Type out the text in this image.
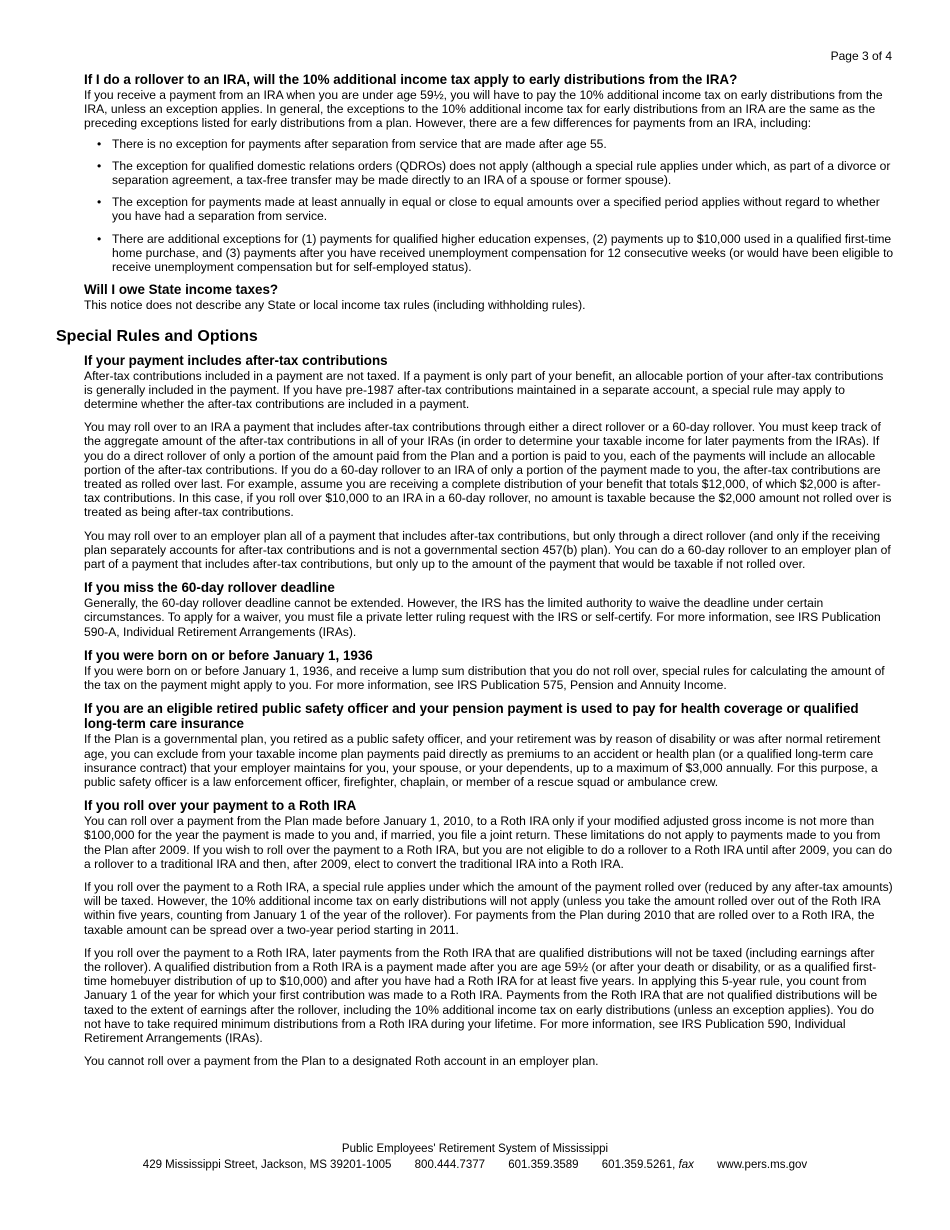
Page 3 of 4
If I do a rollover to an IRA, will the 10% additional income tax apply to early distributions from the IRA?

If you receive a payment from an IRA when you are under age 59½, you will have to pay the 10% additional income tax on early distributions from the IRA, unless an exception applies. In general, the exceptions to the 10% additional income tax for early distributions from an IRA are the same as the preceding exceptions listed for early distributions from a plan. However, there are a few differences for payments from an IRA, including:

• There is no exception for payments after separation from service that are made after age 55.
• The exception for qualified domestic relations orders (QDROs) does not apply (although a special rule applies under which, as part of a divorce or separation agreement, a tax-free transfer may be made directly to an IRA of a spouse or former spouse).
• The exception for payments made at least annually in equal or close to equal amounts over a specified period applies without regard to whether you have had a separation from service.
• There are additional exceptions for (1) payments for qualified higher education expenses, (2) payments up to $10,000 used in a qualified first-time home purchase, and (3) payments after you have received unemployment compensation for 12 consecutive weeks (or would have been eligible to receive unemployment compensation but for self-employed status).
Will I owe State income taxes?

This notice does not describe any State or local income tax rules (including withholding rules).

Special Rules and Options
If your payment includes after-tax contributions

After-tax contributions included in a payment are not taxed. If a payment is only part of your benefit, an allocable portion of your after-tax contributions is generally included in the payment. If you have pre-1987 after-tax contributions maintained in a separate account, a special rule may apply to determine whether the after-tax contributions are included in a payment.

You may roll over to an IRA a payment that includes after-tax contributions through either a direct rollover or a 60-day rollover. You must keep track of the aggregate amount of the after-tax contributions in all of your IRAs (in order to determine your taxable income for later payments from the IRAs). If you do a direct rollover of only a portion of the amount paid from the Plan and a portion is paid to you, each of the payments will include an allocable portion of the after-tax contributions. If you do a 60-day rollover to an IRA of only a portion of the payment made to you, the after-tax contributions are treated as rolled over last. For example, assume you are receiving a complete distribution of your benefit that totals $12,000, of which $2,000 is after-tax contributions. In this case, if you roll over $10,000 to an IRA in a 60-day rollover, no amount is taxable because the $2,000 amount not rolled over is treated as being after-tax contributions.

You may roll over to an employer plan all of a payment that includes after-tax contributions, but only through a direct rollover (and only if the receiving plan separately accounts for after-tax contributions and is not a governmental section 457(b) plan). You can do a 60-day rollover to an employer plan of part of a payment that includes after-tax contributions, but only up to the amount of the payment that would be taxable if not rolled over.

If you miss the 60-day rollover deadline

Generally, the 60-day rollover deadline cannot be extended. However, the IRS has the limited authority to waive the deadline under certain circumstances. To apply for a waiver, you must file a private letter ruling request with the IRS or self-certify. For more information, see IRS Publication 590-A, Individual Retirement Arrangements (IRAs).

If you were born on or before January 1, 1936

If you were born on or before January 1, 1936, and receive a lump sum distribution that you do not roll over, special rules for calculating the amount of the tax on the payment might apply to you. For more information, see IRS Publication 575, Pension and Annuity Income.

If you are an eligible retired public safety officer and your pension payment is used to pay for health coverage or qualified long-term care insurance

If the Plan is a governmental plan, you retired as a public safety officer, and your retirement was by reason of disability or was after normal retirement age, you can exclude from your taxable income plan payments paid directly as premiums to an accident or health plan (or a qualified long-term care insurance contract) that your employer maintains for you, your spouse, or your dependents, up to a maximum of $3,000 annually. For this purpose, a public safety officer is a law enforcement officer, firefighter, chaplain, or member of a rescue squad or ambulance crew.

If you roll over your payment to a Roth IRA

You can roll over a payment from the Plan made before January 1, 2010, to a Roth IRA only if your modified adjusted gross income is not more than $100,000 for the year the payment is made to you and, if married, you file a joint return. These limitations do not apply to payments made to you from the Plan after 2009. If you wish to roll over the payment to a Roth IRA, but you are not eligible to do a rollover to a Roth IRA until after 2009, you can do a rollover to a traditional IRA and then, after 2009, elect to convert the traditional IRA into a Roth IRA.

If you roll over the payment to a Roth IRA, a special rule applies under which the amount of the payment rolled over (reduced by any after-tax amounts) will be taxed. However, the 10% additional income tax on early distributions will not apply (unless you take the amount rolled over out of the Roth IRA within five years, counting from January 1 of the year of the rollover). For payments from the Plan during 2010 that are rolled over to a Roth IRA, the taxable amount can be spread over a two-year period starting in 2011.

If you roll over the payment to a Roth IRA, later payments from the Roth IRA that are qualified distributions will not be taxed (including earnings after the rollover). A qualified distribution from a Roth IRA is a payment made after you are age 59½ (or after your death or disability, or as a qualified first-time homebuyer distribution of up to $10,000) and after you have had a Roth IRA for at least five years. In applying this 5-year rule, you count from January 1 of the year for which your first contribution was made to a Roth IRA. Payments from the Roth IRA that are not qualified distributions will be taxed to the extent of earnings after the rollover, including the 10% additional income tax on early distributions (unless an exception applies). You do not have to take required minimum distributions from a Roth IRA during your lifetime. For more information, see IRS Publication 590, Individual Retirement Arrangements (IRAs).

You cannot roll over a payment from the Plan to a designated Roth account in an employer plan.

Public Employees' Retirement System of Mississippi
429 Mississippi Street, Jackson, MS 39201-1005 800.444.7377 601.359.3589 601.359.5261, fax www.pers.ms.gov
